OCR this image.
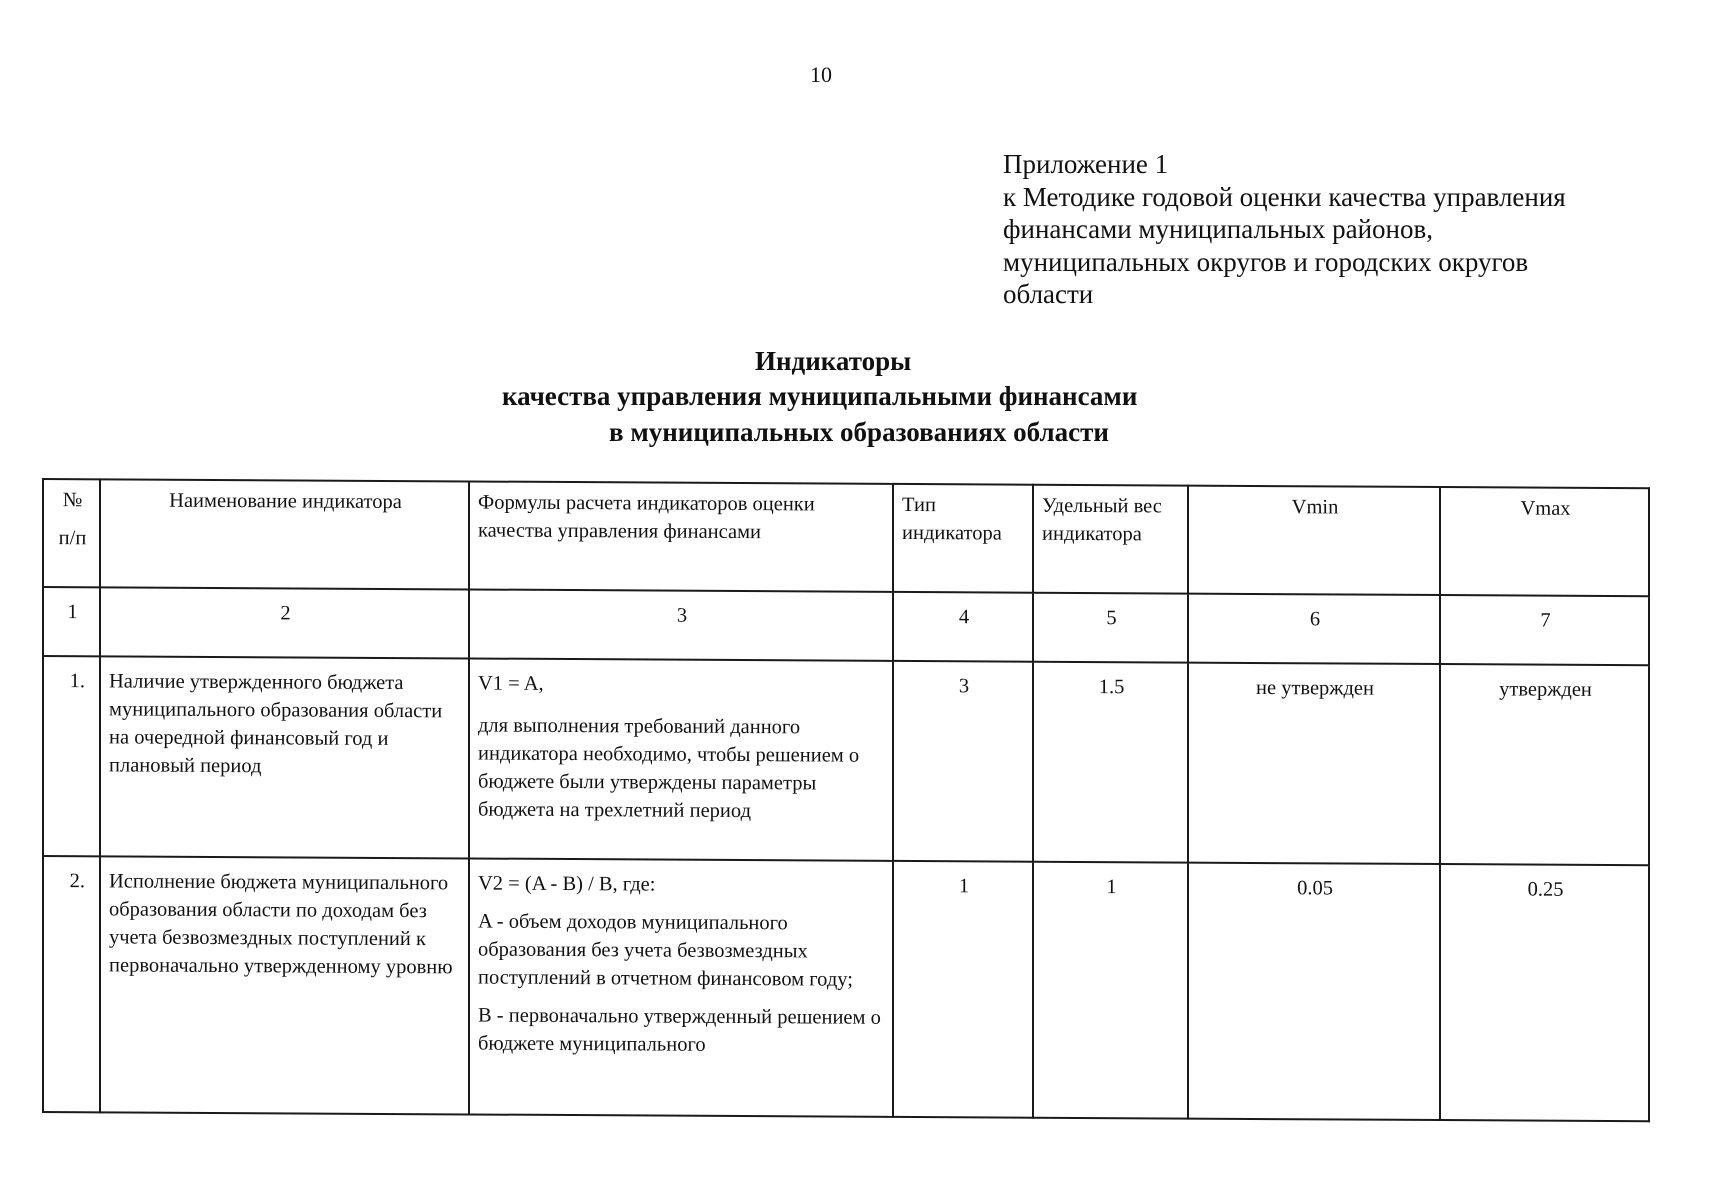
10
Приложение 1
к Методике годовой оценки качества управления
финансами муниципальных районов,
муниципальных округов и городских округов
области
Индикаторы
качества управления муниципальными финансами
в муниципальных образованиях области
№
п/п	Наименование индикатора	Формулы расчета индикаторов оценки качества управления финансами	Тип индикатора	Удельный вес индикатора	Vmin	Vmax
1	2	3	4	5	6	7
1.	Наличие утвержденного бюджета муниципального образования области на очередной финансовый год и плановый период	V1 = A,

для выполнения требований данного индикатора необходимо, чтобы решением о бюджете были утверждены параметры бюджета на трехлетний период	3	1.5	не утвержден	утвержден
2.	Исполнение бюджета муниципального образования области по доходам без учета безвозмездных поступлений к первоначально утвержденному уровню	V2 = (A - B) / B, где:

A - объем доходов муниципального образования без учета безвозмездных поступлений в отчетном финансовом году;

B - первоначально утвержденный решением о бюджете муниципального	1	1	0.05	0.25
